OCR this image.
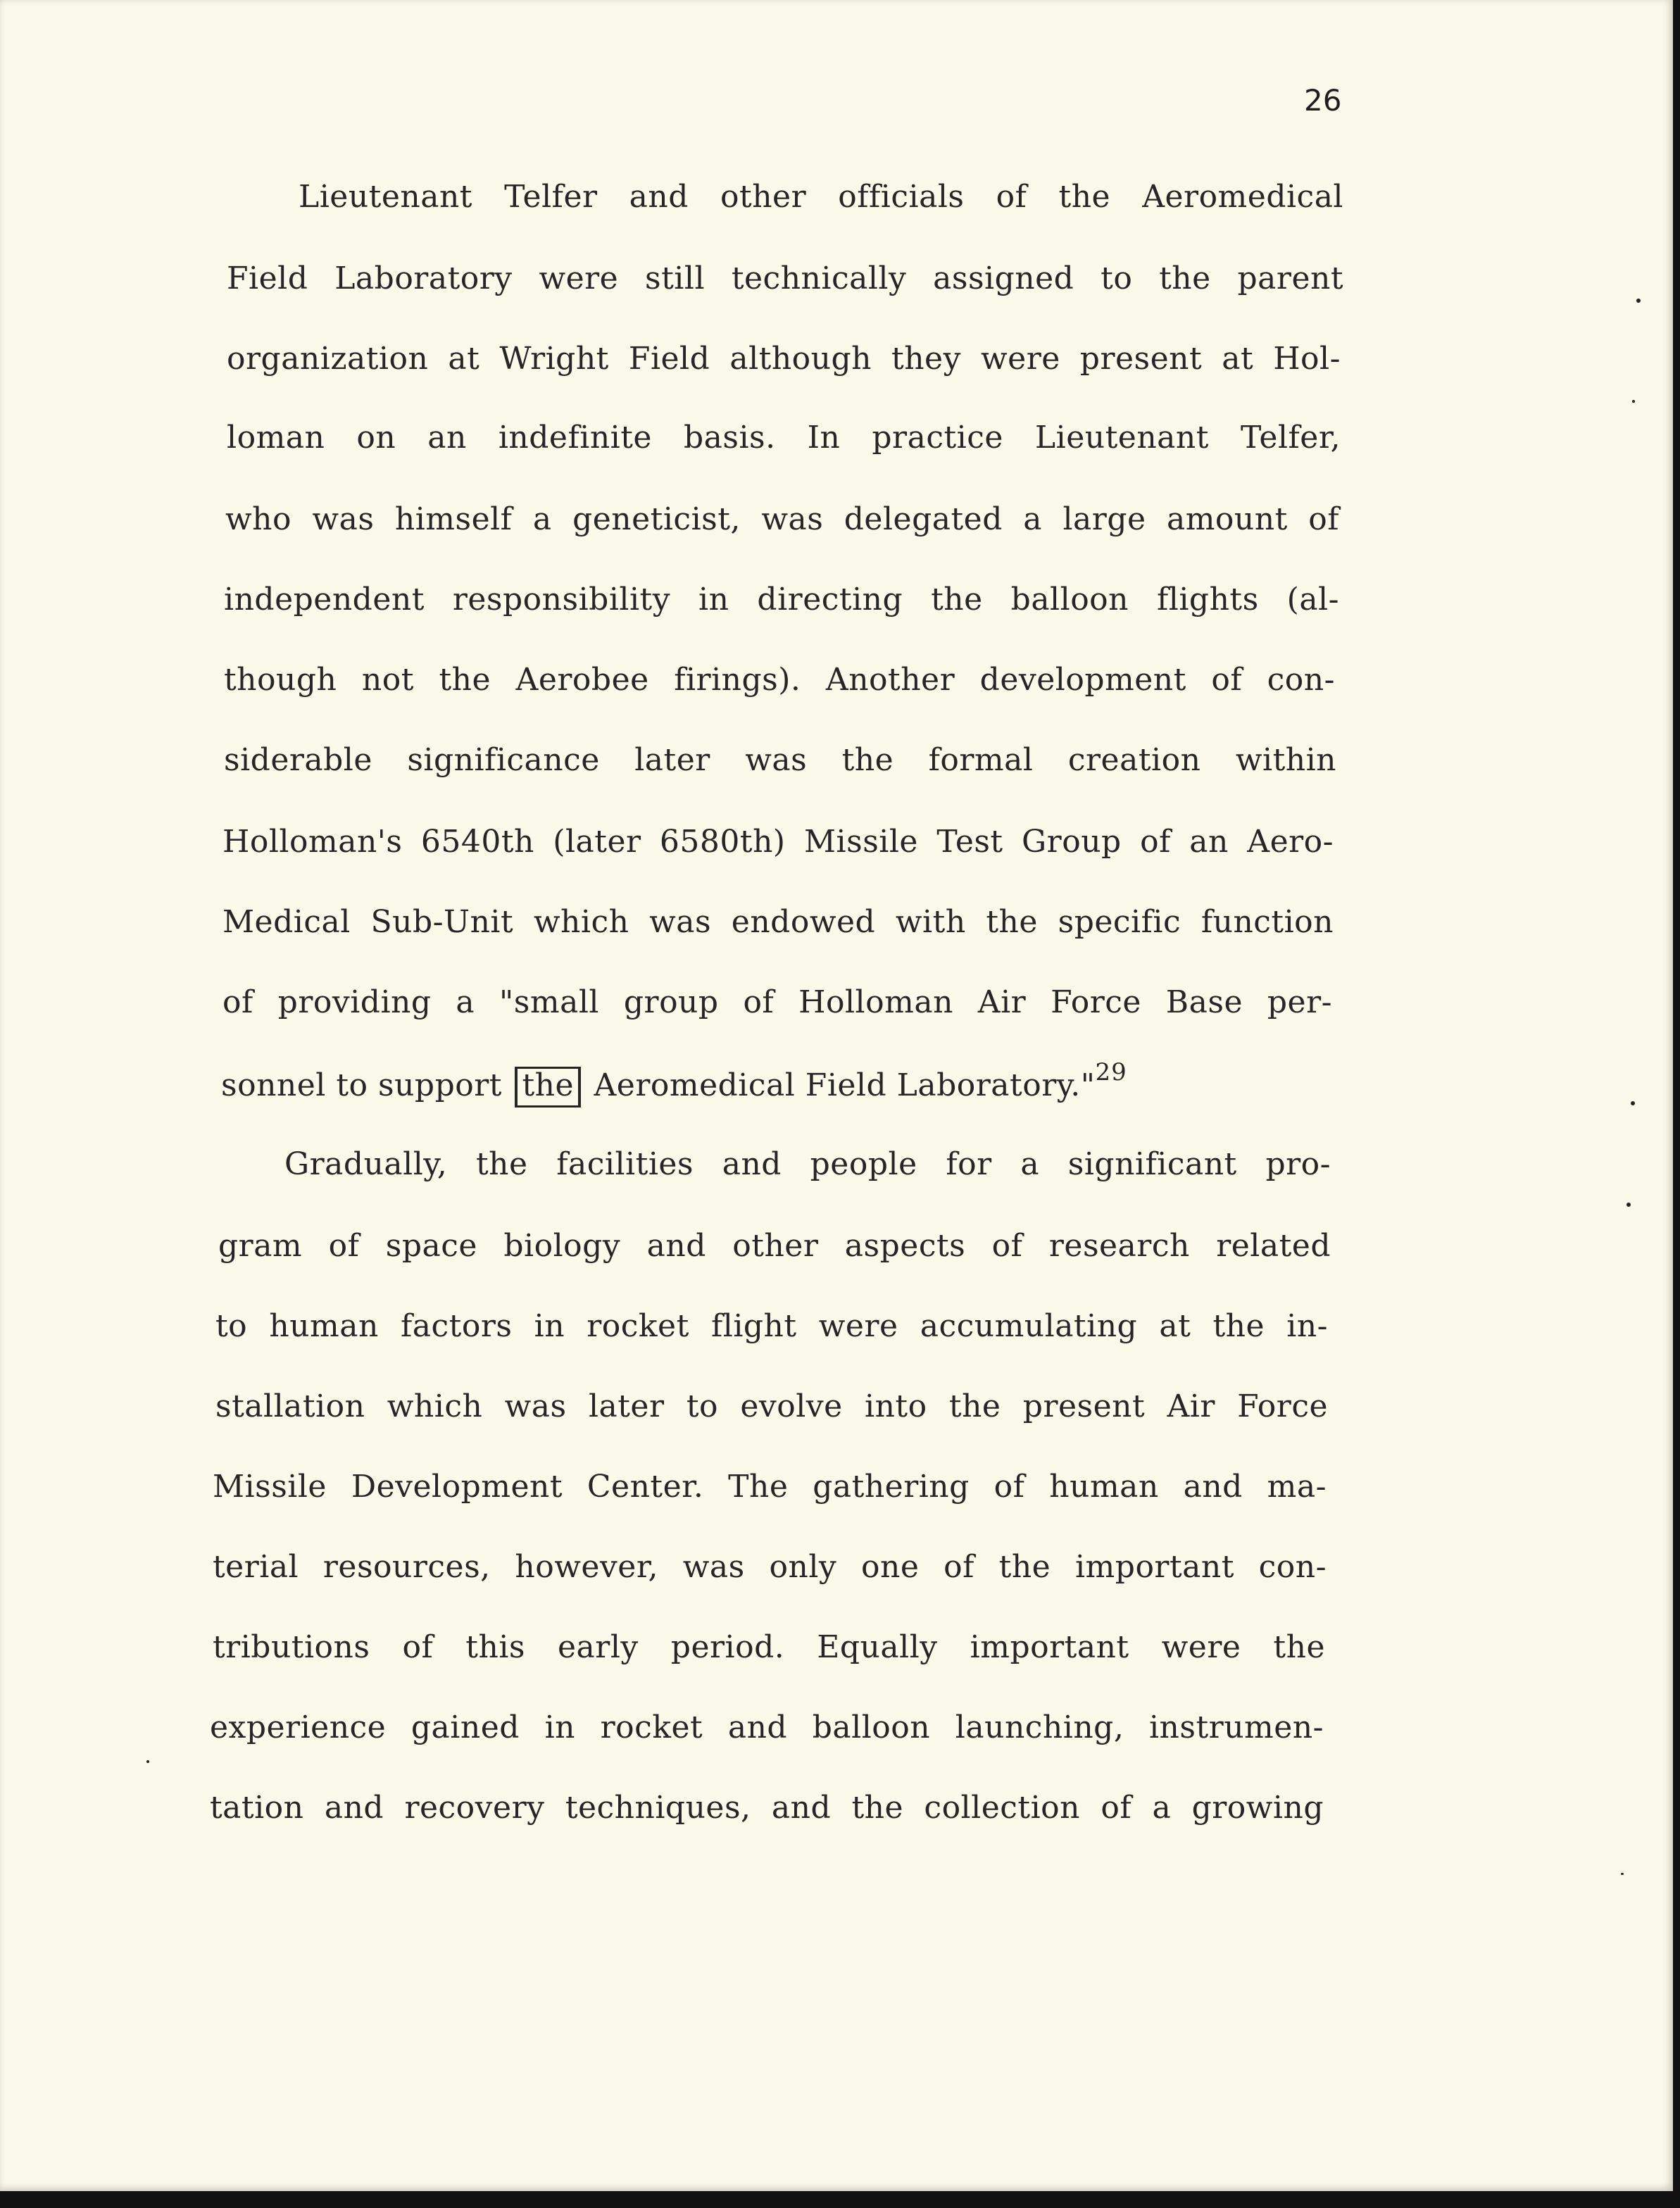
26
Lieutenant Telfer and other officials of the Aeromedical
Field Laboratory were still technically assigned to the parent
organization at Wright Field although they were present at Hol-
loman on an indefinite basis. In practice Lieutenant Telfer,
who was himself a geneticist, was delegated a large amount of
independent responsibility in directing the balloon flights (al-
though not the Aerobee firings). Another development of con-
siderable significance later was the formal creation within
Holloman's 6540th (later 6580th) Missile Test Group of an Aero-
Medical Sub-Unit which was endowed with the specific function
of providing a "small group of Holloman Air Force Base per-
sonnel to support the Aeromedical Field Laboratory."$^{29}$
Gradually, the facilities and people for a significant pro-
gram of space biology and other aspects of research related
to human factors in rocket flight were accumulating at the in-
stallation which was later to evolve into the present Air Force
Missile Development Center. The gathering of human and ma-
terial resources, however, was only one of the important con-
tributions of this early period. Equally important were the
experience gained in rocket and balloon launching, instrumen-
tation and recovery techniques, and the collection of a growing
